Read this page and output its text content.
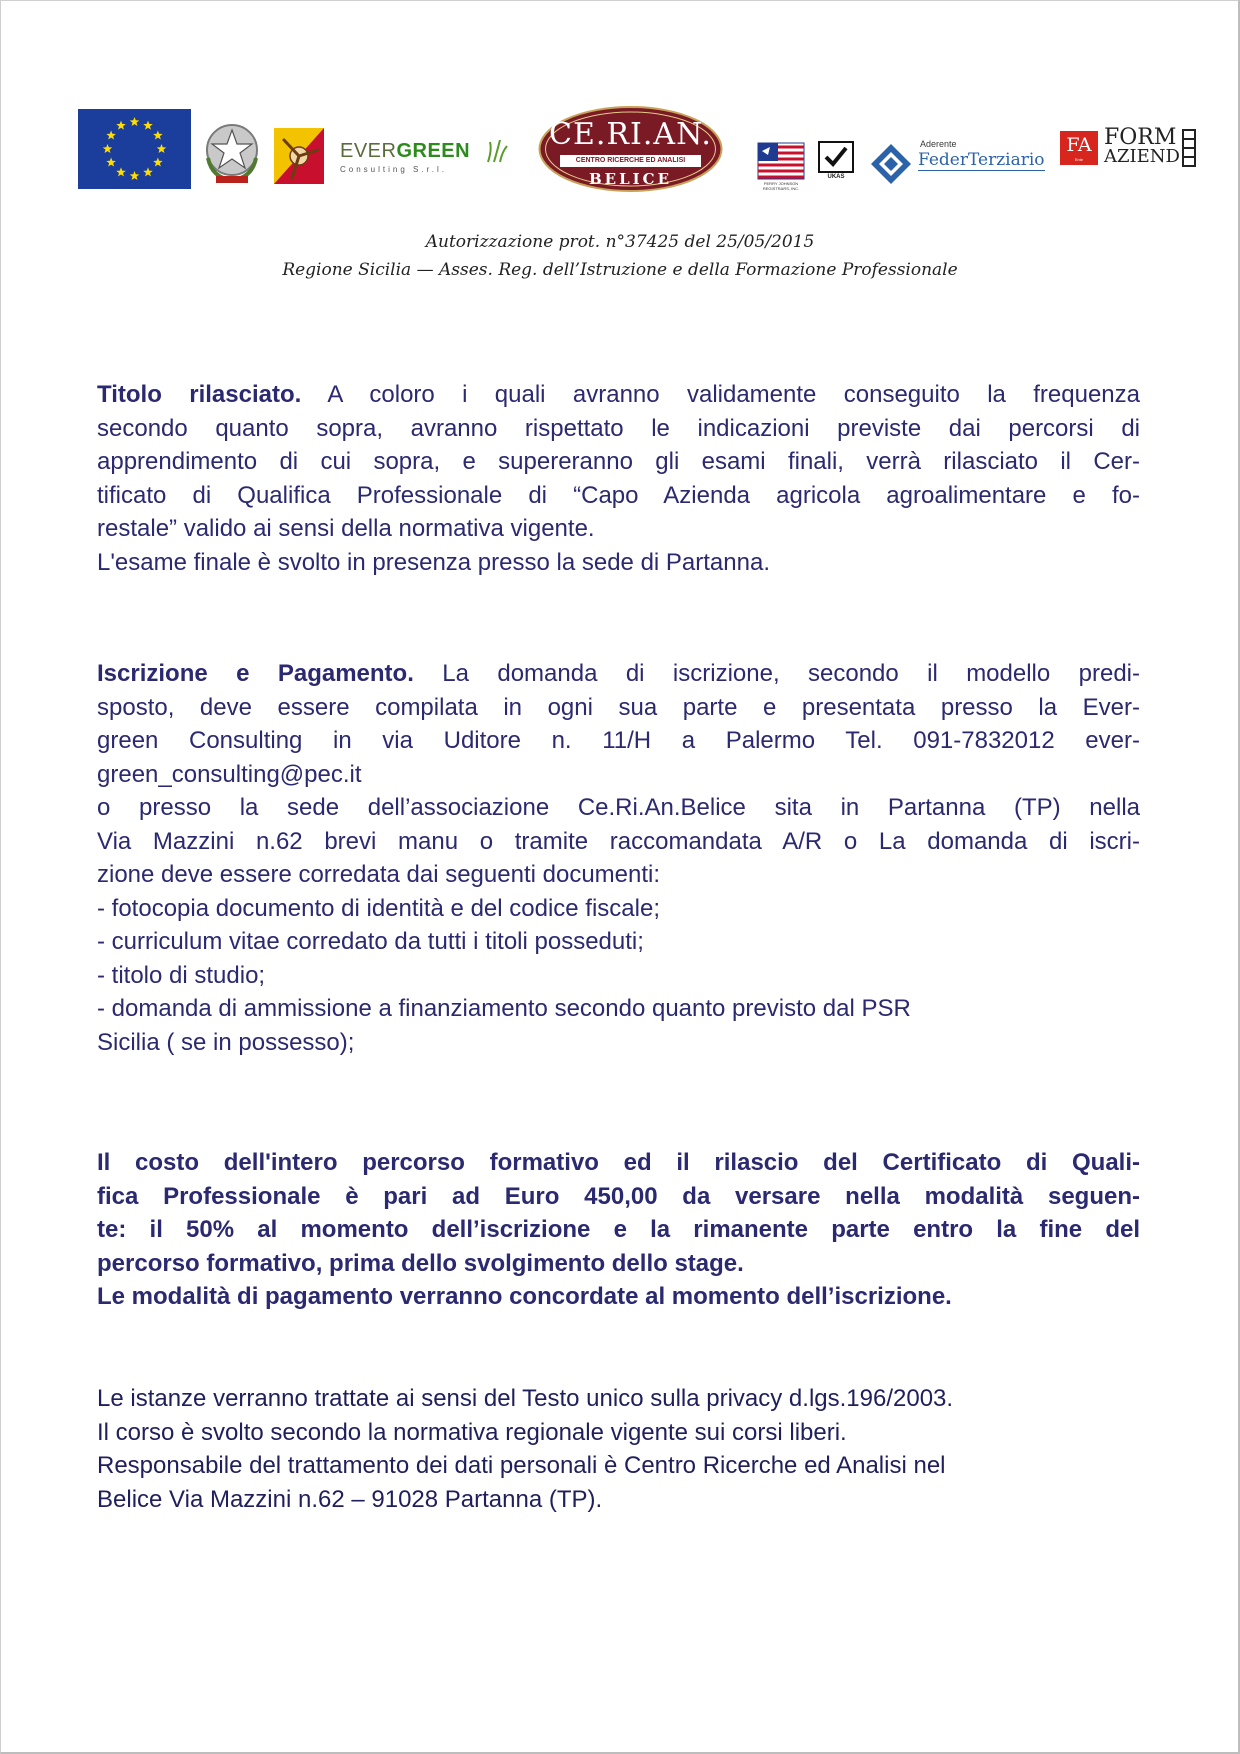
EVERGREEN
Consulting S.r.l.
CE.RI.AN.
CENTRO RICERCHE ED ANALISI
BELICE	PERRY JOHNSON REGISTRARS, INC.
UKAS
Aderente
FederTerziario
FA
Ente
FORM
AZIEND
Autorizzazione prot. n°37425 del 25/05/2015
Regione Sicilia — Asses. Reg. dell’Istruzione e della Formazione Professionale
Titolo rilasciato. A coloro i quali avranno validamente conseguito la frequenza
secondo quanto sopra, avranno rispettato le indicazioni previste dai percorsi di
apprendimento di cui sopra, e supereranno gli esami finali, verrà rilasciato il Cer-
tificato di Qualifica Professionale di “Capo Azienda agricola agroalimentare e fo-
restale” valido ai sensi della normativa vigente.
L'esame finale è svolto in presenza presso la sede di Partanna.
Iscrizione e Pagamento. La domanda di iscrizione, secondo il modello predi-
sposto, deve essere compilata in ogni sua parte e presentata presso la Ever-
green Consulting in via Uditore n. 11/H a Palermo Tel. 091-7832012 ever-
green_consulting@pec.it
o presso la sede dell’associazione Ce.Ri.An.Belice sita in Partanna (TP) nella
Via Mazzini n.62 brevi manu o tramite raccomandata A/R o La domanda di iscri-
zione deve essere corredata dai seguenti documenti:
- fotocopia documento di identità e del codice fiscale;
- curriculum vitae corredato da tutti i titoli posseduti;
- titolo di studio;
- domanda di ammissione a finanziamento secondo quanto previsto dal PSR
Sicilia ( se in possesso);
Il costo dell'intero percorso formativo ed il rilascio del Certificato di Quali-
fica Professionale è pari ad Euro 450,00 da versare nella modalità seguen-
te: il 50% al momento dell’iscrizione e la rimanente parte entro la fine del
percorso formativo, prima dello svolgimento dello stage.
Le modalità di pagamento verranno concordate al momento dell’iscrizione.
Le istanze verranno trattate ai sensi del Testo unico sulla privacy d.lgs.196/2003.
Il corso è svolto secondo la normativa regionale vigente sui corsi liberi.
Responsabile del trattamento dei dati personali è Centro Ricerche ed Analisi nel
Belice Via Mazzini n.62 – 91028 Partanna (TP).
